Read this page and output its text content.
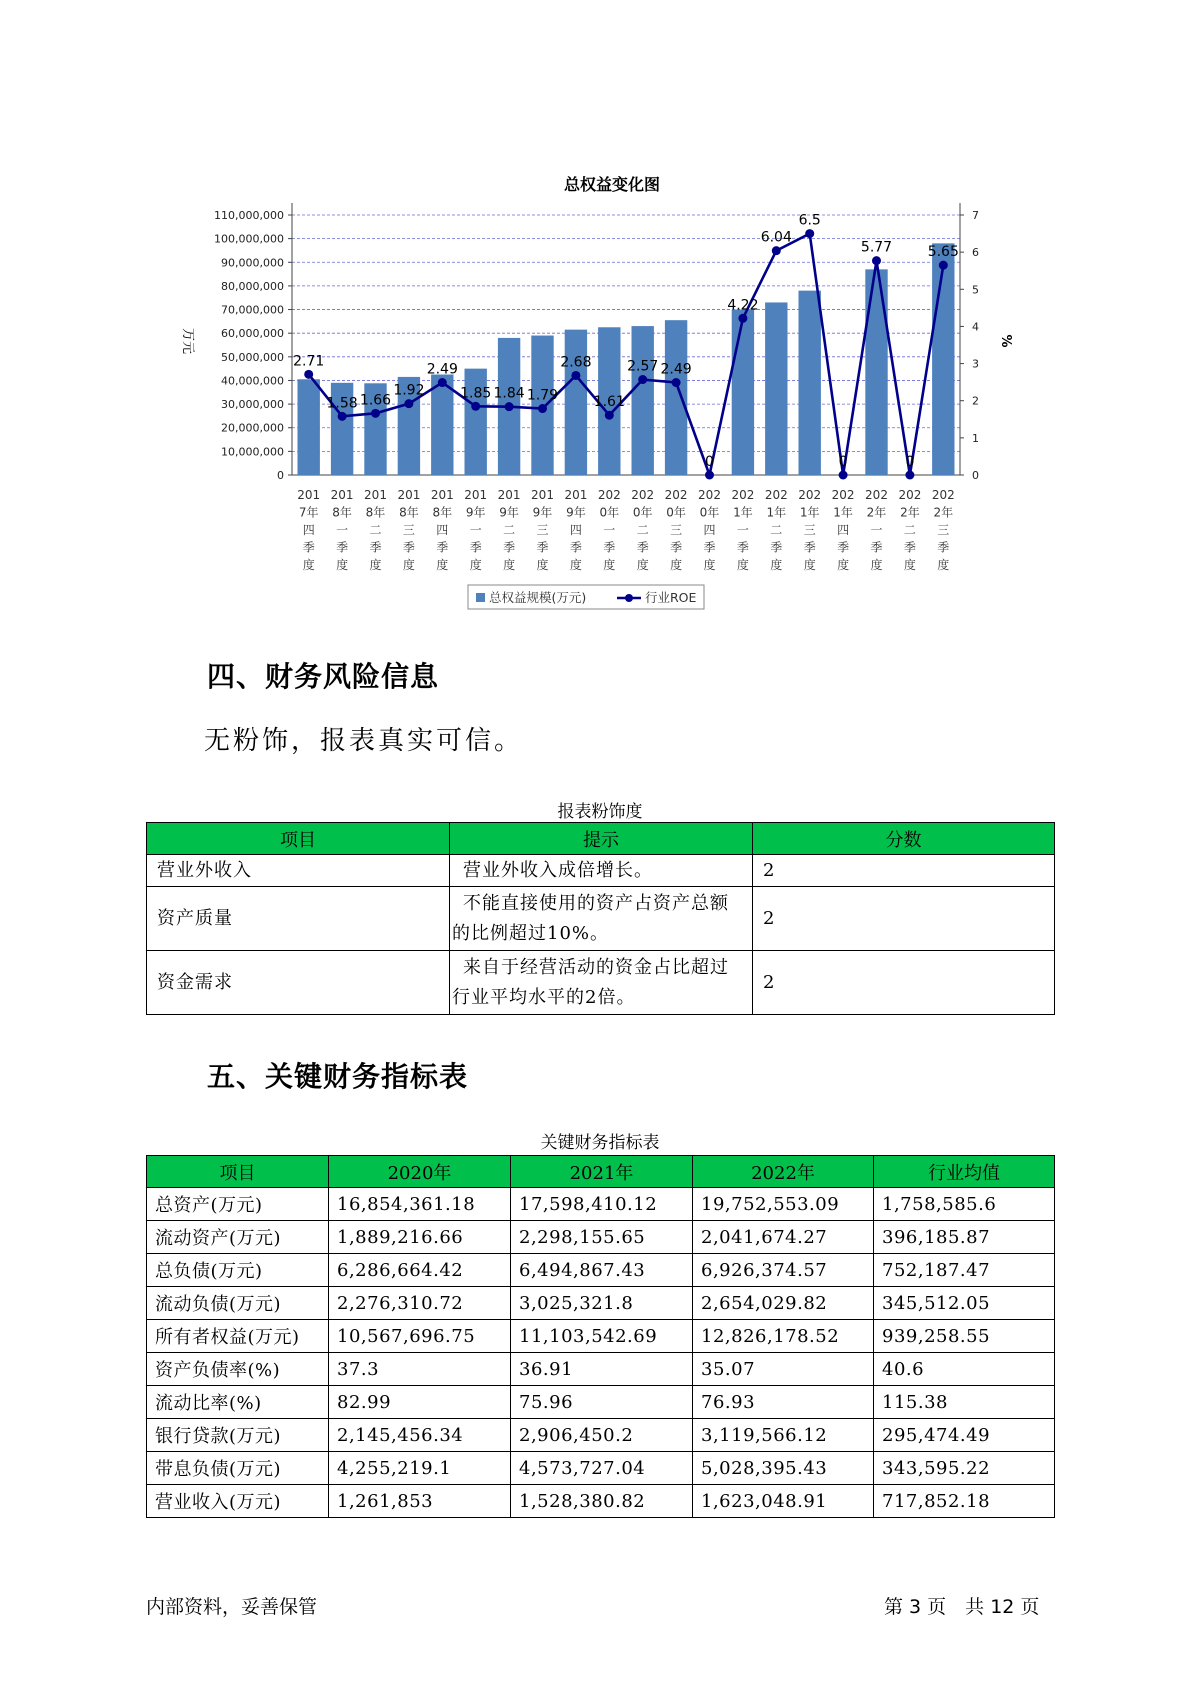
总权益变化图
0
10,000,000
20,000,000
30,000,000
40,000,000
50,000,000
60,000,000
70,000,000
80,000,000
90,000,000
100,000,000
110,000,000
0
1
2
3
4
5
6
7
万元	%
201
7年
四
季
度
201
8年
一
季
度
201
8年
二
季
度
201
8年
三
季
度
201
8年
四
季
度
201
9年
一
季
度
201
9年
二
季
度
201
9年
三
季
度
201
9年
四
季
度
202
0年
一
季
度
202
0年
二
季
度
202
0年
三
季
度
202
0年
四
季
度
202
1年
一
季
度
202
1年
二
季
度
202
1年
三
季
度
202
1年
四
季
度
202
2年
一
季
度
202
2年
二
季
度
202
2年
三
季
度
2.71
1.58 1.66
1.92
2.49
1.85 1.84 1.79
2.68
1.61
2.57 2.49
0
4.22
6.04
6.5
0
5.77
0
5.65
总权益规模(万元)	行业ROE
四、财务风险信息
无粉饰，报表真实可信。
报表粉饰度
项目	提示	分数
营业外收入	营业外收入成倍增长。	2
资产质量	不能直接使用的资产占资产总额的比例超过10%。	2
资金需求	来自于经营活动的资金占比超过行业平均水平的2倍。	2
五、关键财务指标表
关键财务指标表
项目	2020年	2021年	2022年	行业均值
总资产(万元)	16,854,361.18	17,598,410.12	19,752,553.09	1,758,585.6
流动资产(万元)	1,889,216.66	2,298,155.65	2,041,674.27	396,185.87
总负债(万元)	6,286,664.42	6,494,867.43	6,926,374.57	752,187.47
流动负债(万元)	2,276,310.72	3,025,321.8	2,654,029.82	345,512.05
所有者权益(万元)	10,567,696.75	11,103,542.69	12,826,178.52	939,258.55
资产负债率(%)	37.3	36.91	35.07	40.6
流动比率(%)	82.99	75.96	76.93	115.38
银行贷款(万元)	2,145,456.34	2,906,450.2	3,119,566.12	295,474.49
带息负债(万元)	4,255,219.1	4,573,727.04	5,028,395.43	343,595.22
营业收入(万元)	1,261,853	1,528,380.82	1,623,048.91	717,852.18
内部资料，妥善保管	第 3 页　共 12 页
